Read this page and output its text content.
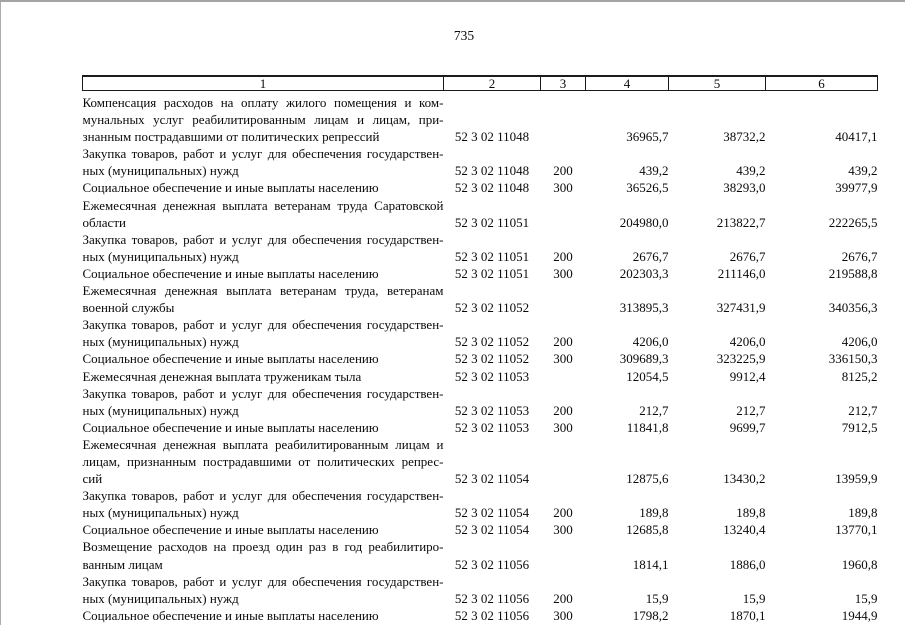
735
1	2	3	4	5	6

Компенсация расходов на оплату жилого помещения и ком-
мунальных услуг реабилитированным лицам и лицам, при-
знанным пострадавшими от политических репрессий	52 3 02 11048		36965,7	38732,2	40417,1

Закупка товаров, работ и услуг для обеспечения государствен-
ных (муниципальных) нужд	52 3 02 11048	200	439,2	439,2	439,2

Социальное обеспечение и иные выплаты населению	52 3 02 11048	300	36526,5	38293,0	39977,9

Ежемесячная денежная выплата ветеранам труда Саратовской
области	52 3 02 11051		204980,0	213822,7	222265,5

Закупка товаров, работ и услуг для обеспечения государствен-
ных (муниципальных) нужд	52 3 02 11051	200	2676,7	2676,7	2676,7

Социальное обеспечение и иные выплаты населению	52 3 02 11051	300	202303,3	211146,0	219588,8

Ежемесячная денежная выплата ветеранам труда, ветеранам
военной службы	52 3 02 11052		313895,3	327431,9	340356,3

Закупка товаров, работ и услуг для обеспечения государствен-
ных (муниципальных) нужд	52 3 02 11052	200	4206,0	4206,0	4206,0

Социальное обеспечение и иные выплаты населению	52 3 02 11052	300	309689,3	323225,9	336150,3

Ежемесячная денежная выплата труженикам тыла	52 3 02 11053		12054,5	9912,4	8125,2

Закупка товаров, работ и услуг для обеспечения государствен-
ных (муниципальных) нужд	52 3 02 11053	200	212,7	212,7	212,7

Социальное обеспечение и иные выплаты населению	52 3 02 11053	300	11841,8	9699,7	7912,5

Ежемесячная денежная выплата реабилитированным лицам и
лицам, признанным пострадавшими от политических репрес-
сий	52 3 02 11054		12875,6	13430,2	13959,9

Закупка товаров, работ и услуг для обеспечения государствен-
ных (муниципальных) нужд	52 3 02 11054	200	189,8	189,8	189,8

Социальное обеспечение и иные выплаты населению	52 3 02 11054	300	12685,8	13240,4	13770,1

Возмещение расходов на проезд один раз в год реабилитиро-
ванным лицам	52 3 02 11056		1814,1	1886,0	1960,8

Закупка товаров, работ и услуг для обеспечения государствен-
ных (муниципальных) нужд	52 3 02 11056	200	15,9	15,9	15,9

Социальное обеспечение и иные выплаты населению	52 3 02 11056	300	1798,2	1870,1	1944,9
